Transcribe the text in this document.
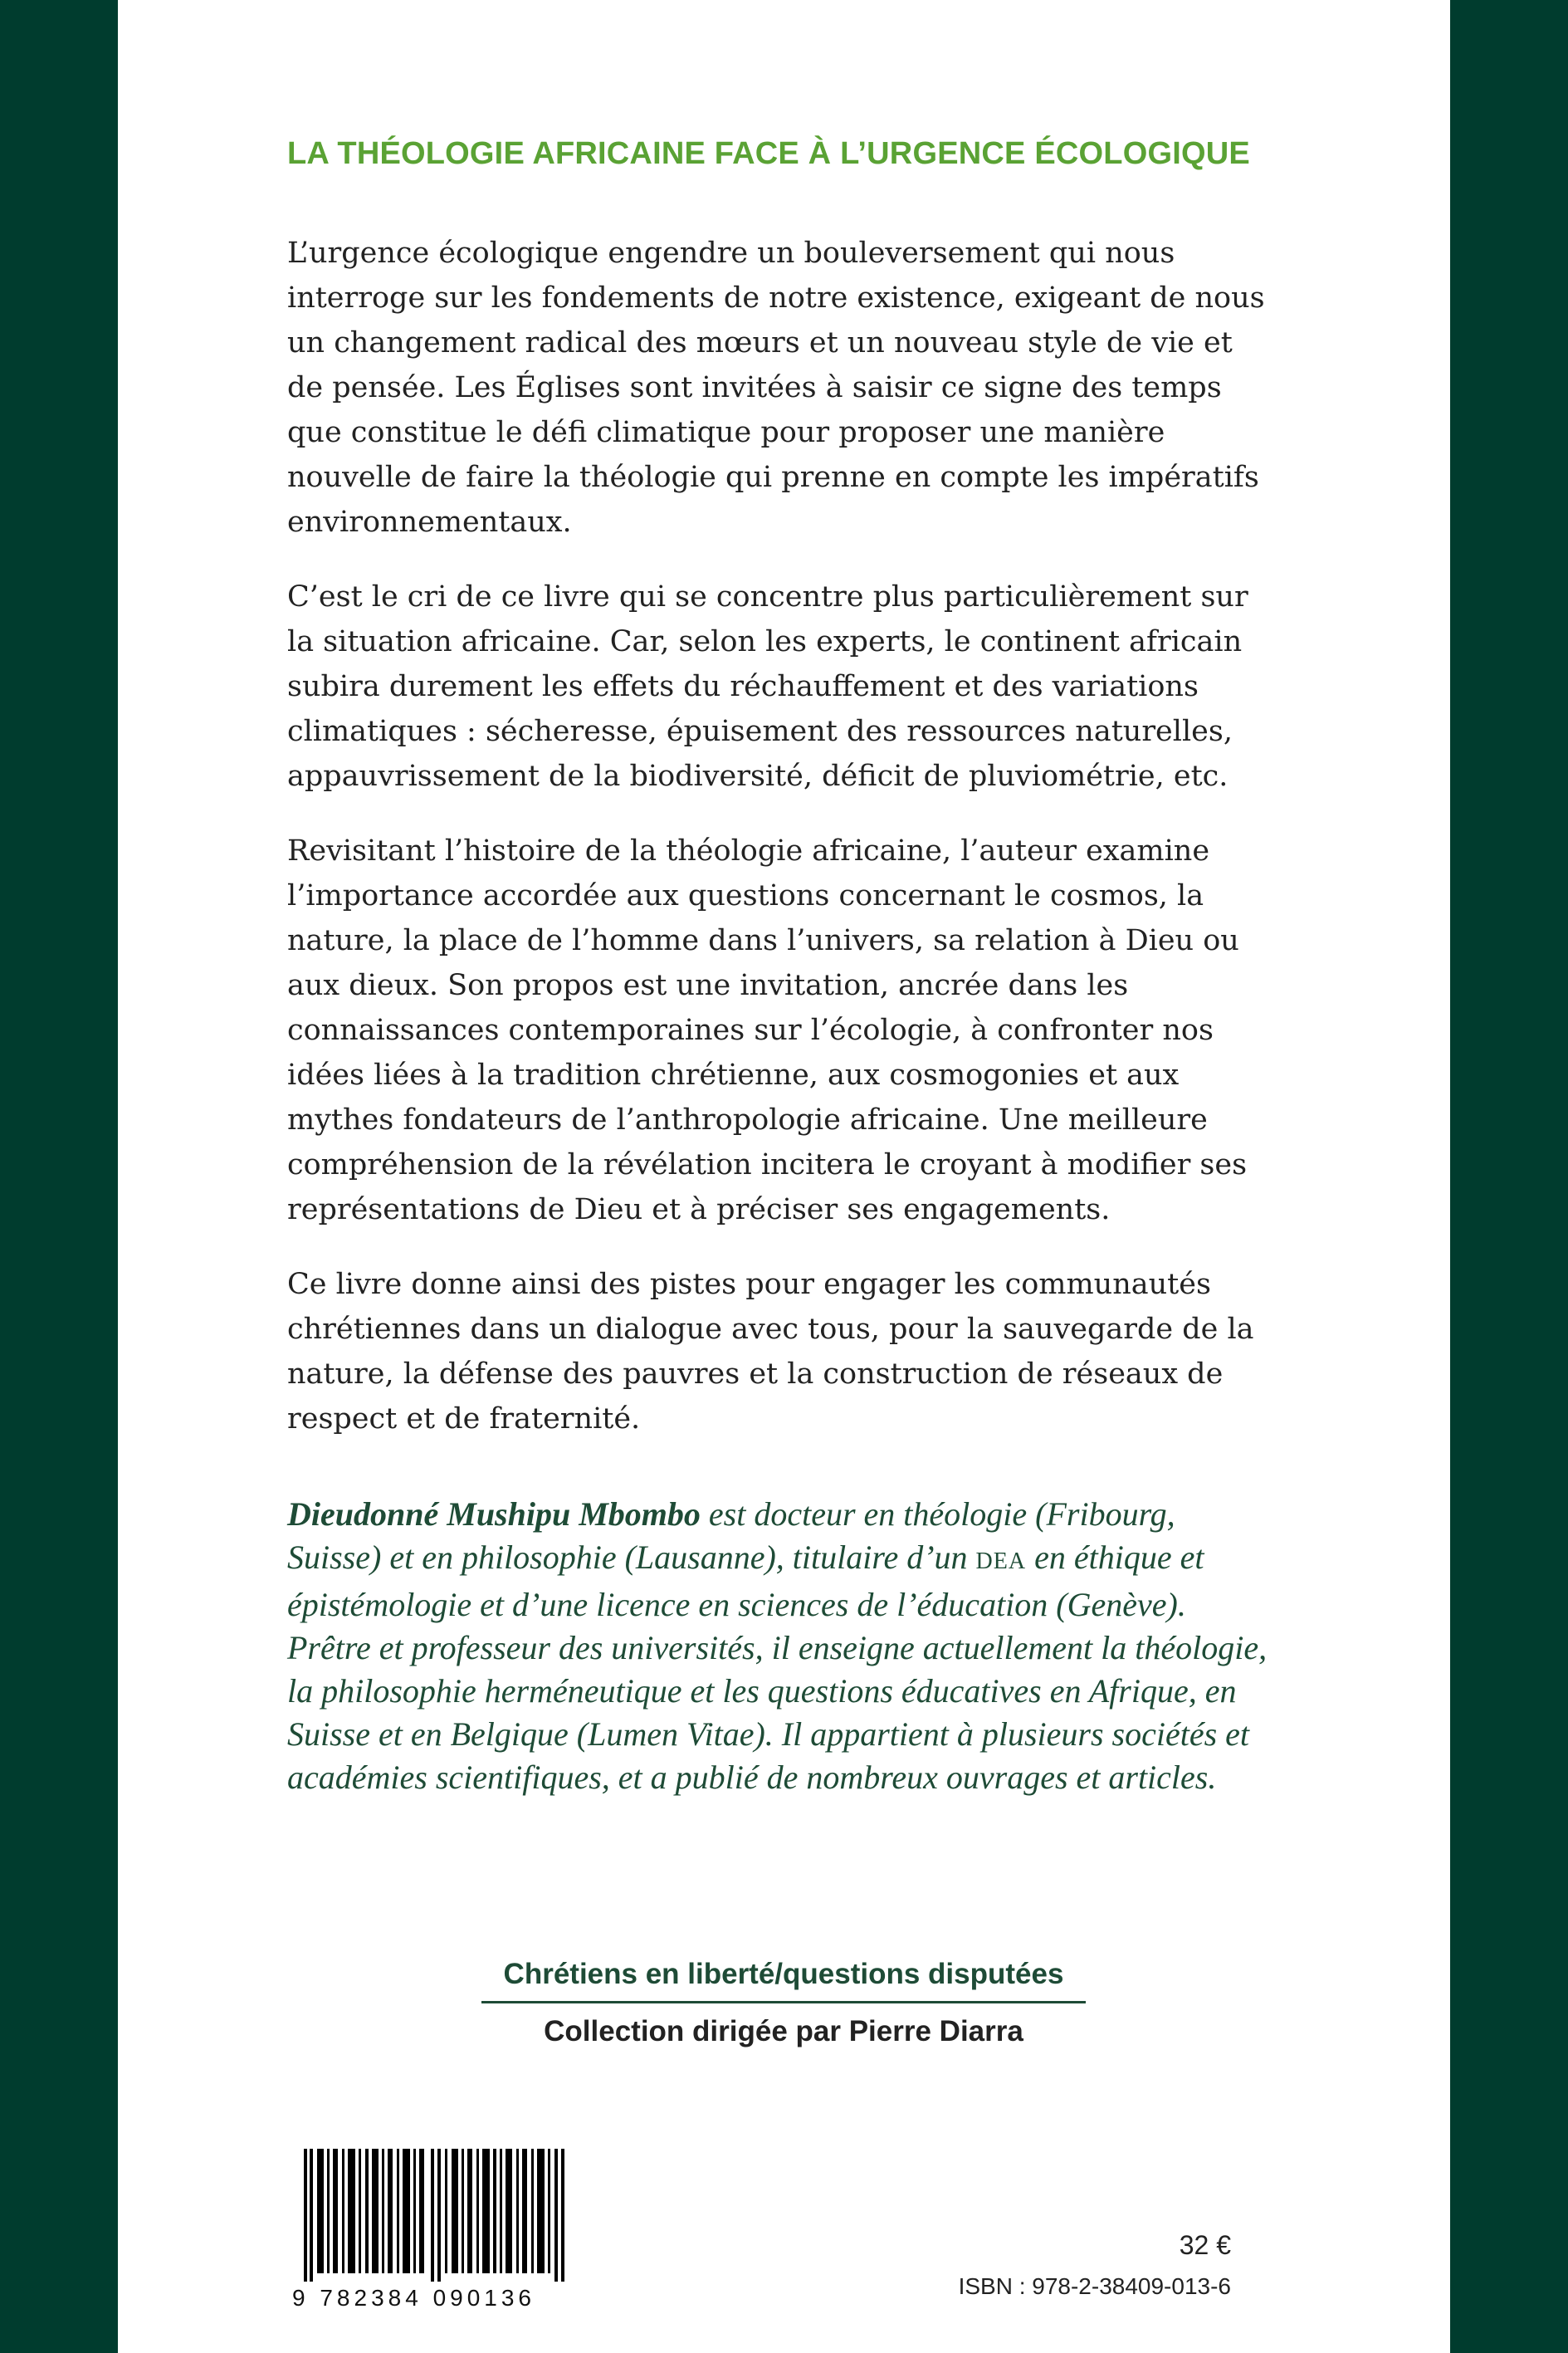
LA THÉOLOGIE AFRICAINE FACE À L’URGENCE ÉCOLOGIQUE

L’urgence écologique engendre un bouleversement qui nous interroge sur les fondements de notre existence, exigeant de nous un changement radical des mœurs et un nouveau style de vie et de pensée. Les Églises sont invitées à saisir ce signe des temps que constitue le défi climatique pour proposer une manière nouvelle de faire la théologie qui prenne en compte les impératifs environnementaux.

C’est le cri de ce livre qui se concentre plus particulièrement sur la situation africaine. Car, selon les experts, le continent africain subira durement les effets du réchauffement et des variations climatiques : sécheresse, épuisement des ressources naturelles, appauvrissement de la biodiversité, déficit de pluviométrie, etc.

Revisitant l’histoire de la théologie africaine, l’auteur examine l’importance accordée aux questions concernant le cosmos, la nature, la place de l’homme dans l’univers, sa relation à Dieu ou aux dieux. Son propos est une invitation, ancrée dans les connaissances contemporaines sur l’écologie, à confronter nos idées liées à la tradition chrétienne, aux cosmogonies et aux mythes fondateurs de l’anthropologie africaine. Une meilleure compréhension de la révélation incitera le croyant à modifier ses représentations de Dieu et à préciser ses engagements.

Ce livre donne ainsi des pistes pour engager les communautés chrétiennes dans un dialogue avec tous, pour la sauvegarde de la nature, la défense des pauvres et la construction de réseaux de respect et de fraternité.

Dieudonné Mushipu Mbombo est docteur en théologie (Fribourg, Suisse) et en philosophie (Lausanne), titulaire d’un DEA en éthique et épistémologie et d’une licence en sciences de l’éducation (Genève). Prêtre et professeur des universités, il enseigne actuellement la théologie, la philosophie herméneutique et les questions éducatives en Afrique, en Suisse et en Belgique (Lumen Vitae). Il appartient à plusieurs sociétés et académies scientifiques, et a publié de nombreux ouvrages et articles.
Chrétiens en liberté/questions disputées
Collection dirigée par Pierre Diarra
9 782384 090136
32 €
ISBN : 978-2-38409-013-6
